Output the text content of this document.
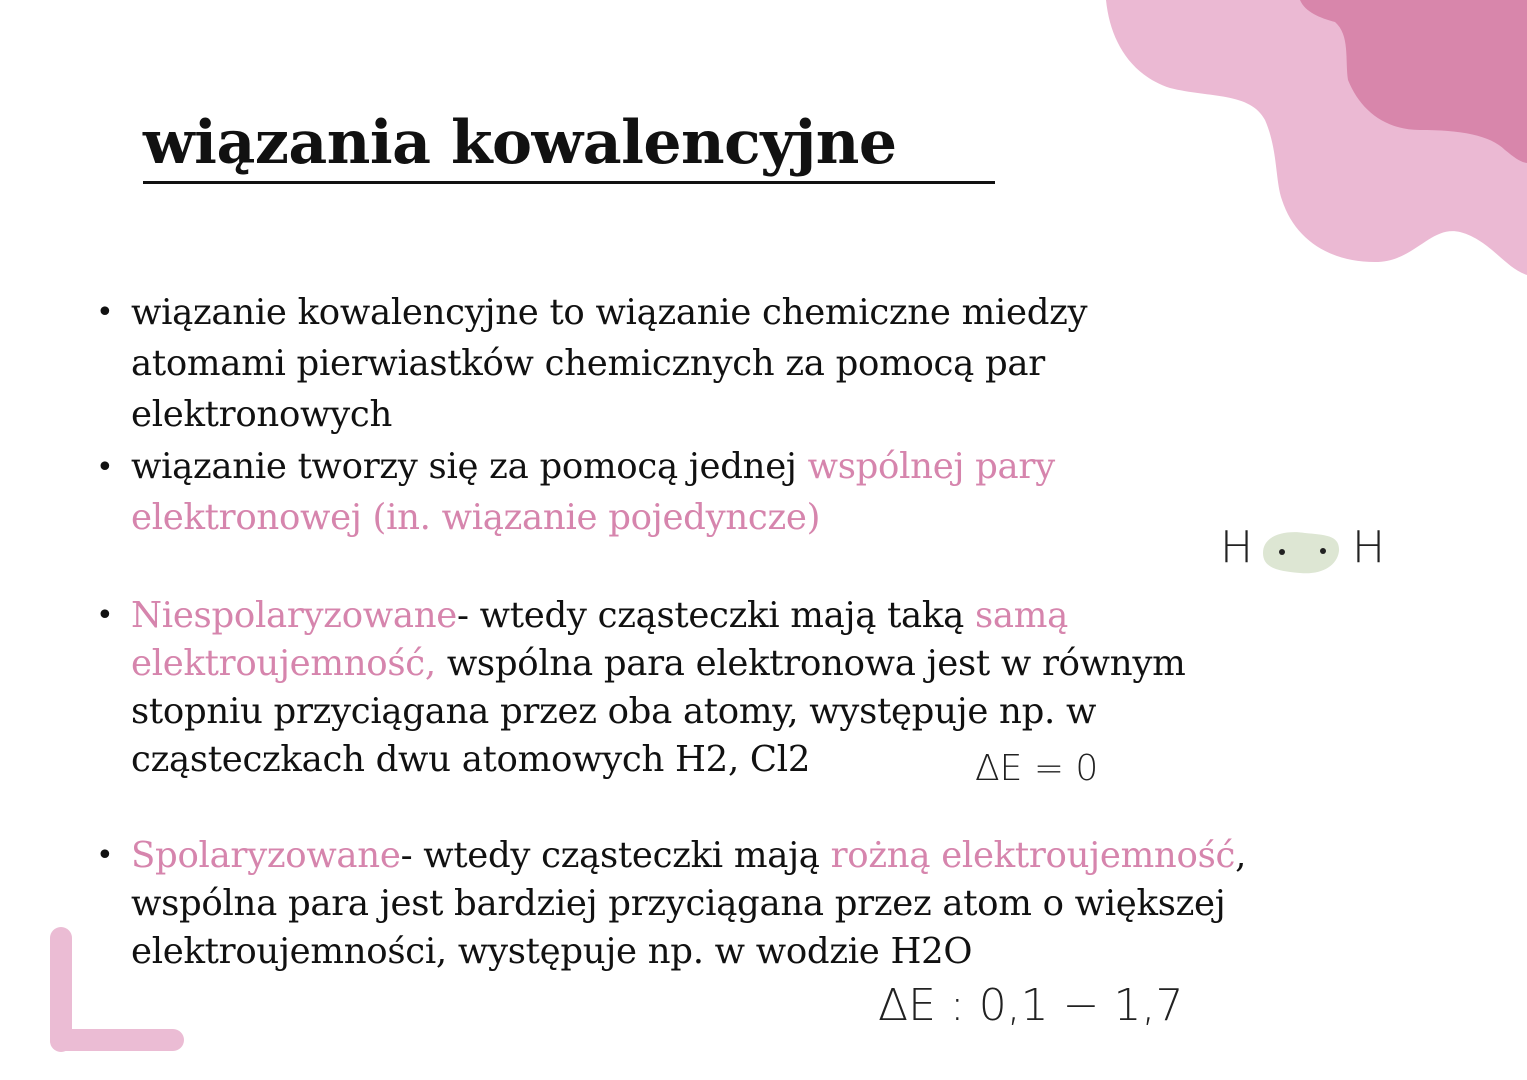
wiązania kowalencyjne
• wiązanie kowalencyjne to wiązanie chemiczne miedzy
atomami pierwiastków chemicznych za pomocą par
elektronowych
• wiązanie tworzy się za pomocą jednej wspólnej pary
elektronowej (in. wiązanie pojedyncze)
H H
• Niespolaryzowane- wtedy cząsteczki mają taką samą
elektroujemność, wspólna para elektronowa jest w równym
stopniu przyciągana przez oba atomy, występuje np. w
cząsteczkach dwu atomowych H2, Cl2	ΔE = 0
• Spolaryzowane- wtedy cząsteczki mają rożną elektroujemność,
wspólna para jest bardziej przyciągana przez atom o większej
elektroujemności, występuje np. w wodzie H2O
ΔE : 0,1 − 1,7
